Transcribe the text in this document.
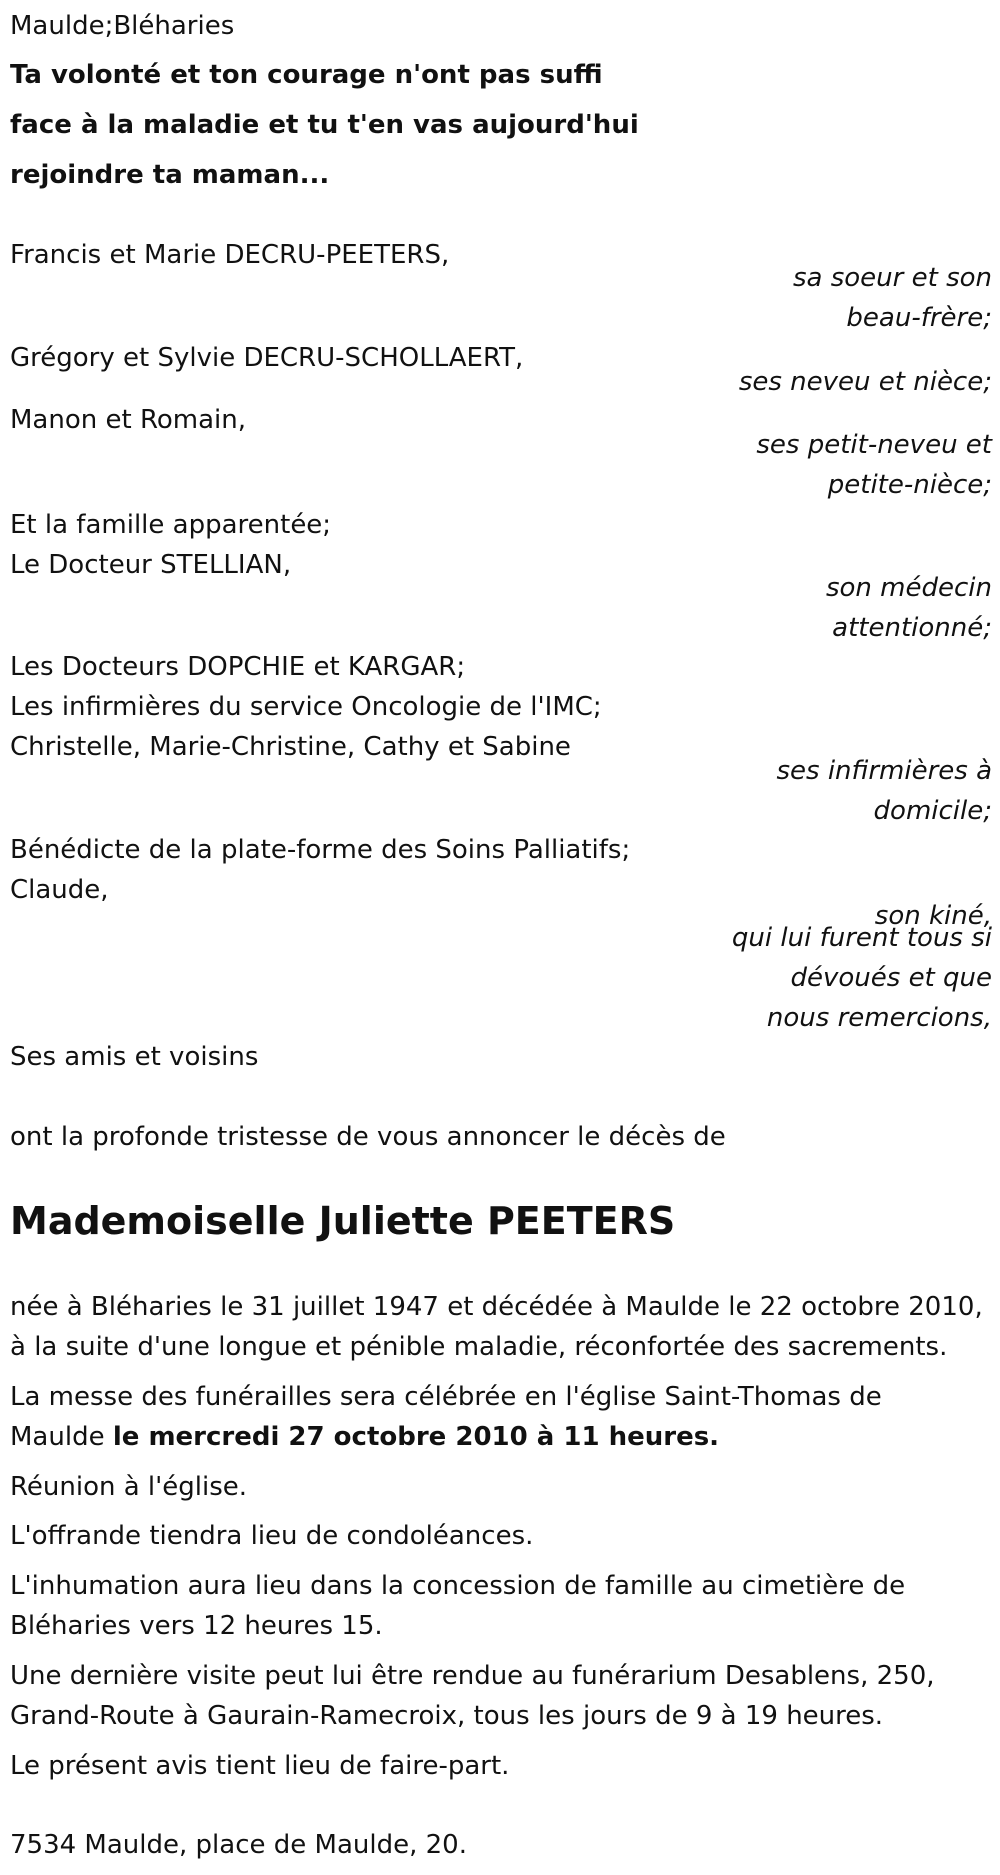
Maulde;Bléharies
Ta volonté et ton courage n'ont pas suffi
face à la maladie et tu t'en vas aujourd'hui
rejoindre ta maman...
Francis et Marie DECRU-PEETERS,
sa soeur et son
beau-frère;
Grégory et Sylvie DECRU-SCHOLLAERT,
ses neveu et nièce;
Manon et Romain,
ses petit-neveu et
petite-nièce;
Et la famille apparentée;
Le Docteur STELLIAN,
son médecin
attentionné;
Les Docteurs DOPCHIE et KARGAR;
Les infirmières du service Oncologie de l'IMC;
Christelle, Marie-Christine, Cathy et Sabine
ses infirmières à
domicile;
Bénédicte de la plate-forme des Soins Palliatifs;
Claude,
son kiné,
qui lui furent tous si
dévoués et que
nous remercions,
Ses amis et voisins
ont la profonde tristesse de vous annoncer le décès de
Mademoiselle Juliette PEETERS
née à Bléharies le 31 juillet 1947 et décédée à Maulde le 22 octobre 2010,
à la suite d'une longue et pénible maladie, réconfortée des sacrements.
La messe des funérailles sera célébrée en l'église Saint-Thomas de
Maulde le mercredi 27 octobre 2010 à 11 heures.
Réunion à l'église.
L'offrande tiendra lieu de condoléances.
L'inhumation aura lieu dans la concession de famille au cimetière de
Bléharies vers 12 heures 15.
Une dernière visite peut lui être rendue au funérarium Desablens, 250,
Grand-Route à Gaurain-Ramecroix, tous les jours de 9 à 19 heures.
Le présent avis tient lieu de faire-part.
7534 Maulde, place de Maulde, 20.
